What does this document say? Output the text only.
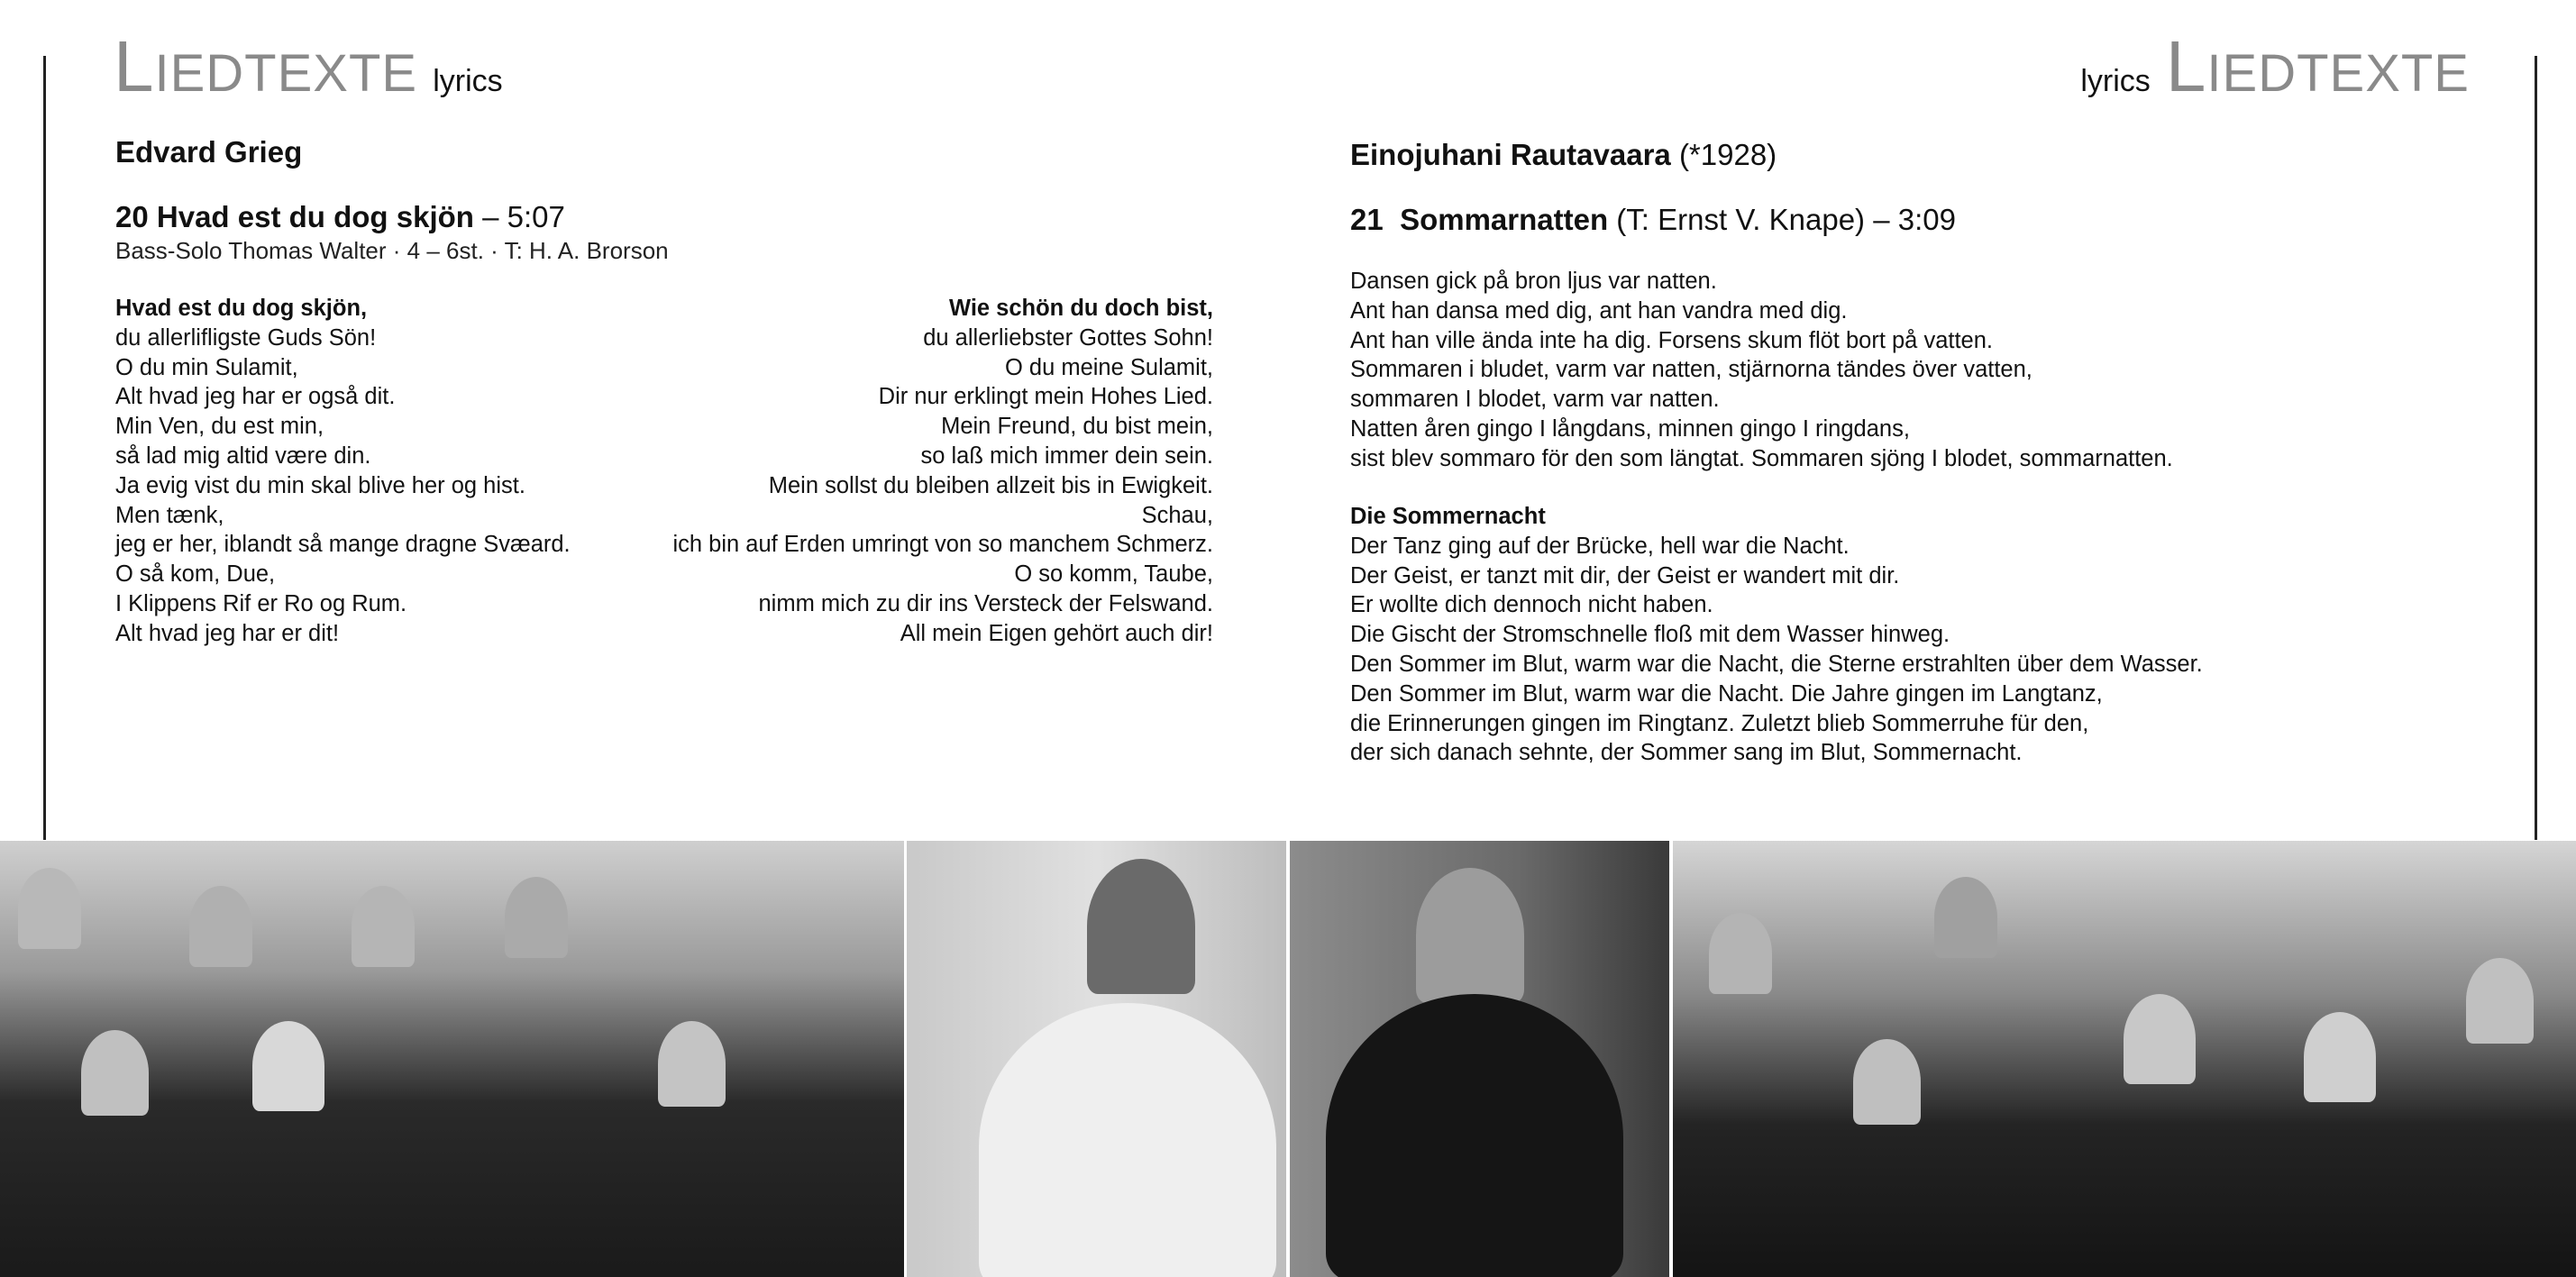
LIEDTEXTE lyrics	lyrics LIEDTEXTE
Edvard Grieg
20 Hvad est du dog skjön – 5:07
Bass-Solo Thomas Walter · 4 – 6st. · T: H. A. Brorson
Hvad est du dog skjön,
du allerlifligste Guds Sön!
O du min Sulamit,
Alt hvad jeg har er også dit.
Min Ven, du est min,
så lad mig altid være din.
Ja evig vist du min skal blive her og hist.
Men tænk,
jeg er her, iblandt så mange dragne Svæard.
O så kom, Due,
I Klippens Rif er Ro og Rum.
Alt hvad jeg har er dit!
Wie schön du doch bist,
du allerliebster Gottes Sohn!
O du meine Sulamit,
Dir nur erklingt mein Hohes Lied.
Mein Freund, du bist mein,
so laß mich immer dein sein.
Mein sollst du bleiben allzeit bis in Ewigkeit.
Schau,
ich bin auf Erden umringt von so manchem Schmerz.
O so komm, Taube,
nimm mich zu dir ins Versteck der Felswand.
All mein Eigen gehört auch dir!
Einojuhani Rautavaara (*1928)
21 Sommarnatten (T: Ernst V. Knape) – 3:09
Dansen gick på bron ljus var natten.
Ant han dansa med dig, ant han vandra med dig.
Ant han ville ända inte ha dig. Forsens skum flöt bort på vatten.
Sommaren i bludet, varm var natten, stjärnorna tändes över vatten,
sommaren I blodet, varm var natten.
Natten åren gingo I långdans, minnen gingo I ringdans,
sist blev sommaro för den som längtat. Sommaren sjöng I blodet, sommarnatten.
Die Sommernacht
Der Tanz ging auf der Brücke, hell war die Nacht.
Der Geist, er tanzt mit dir, der Geist er wandert mit dir.
Er wollte dich dennoch nicht haben.
Die Gischt der Stromschnelle floß mit dem Wasser hinweg.
Den Sommer im Blut, warm war die Nacht, die Sterne erstrahlten über dem Wasser.
Den Sommer im Blut, warm war die Nacht. Die Jahre gingen im Langtanz,
die Erinnerungen gingen im Ringtanz. Zuletzt blieb Sommerruhe für den,
der sich danach sehnte, der Sommer sang im Blut, Sommernacht.
